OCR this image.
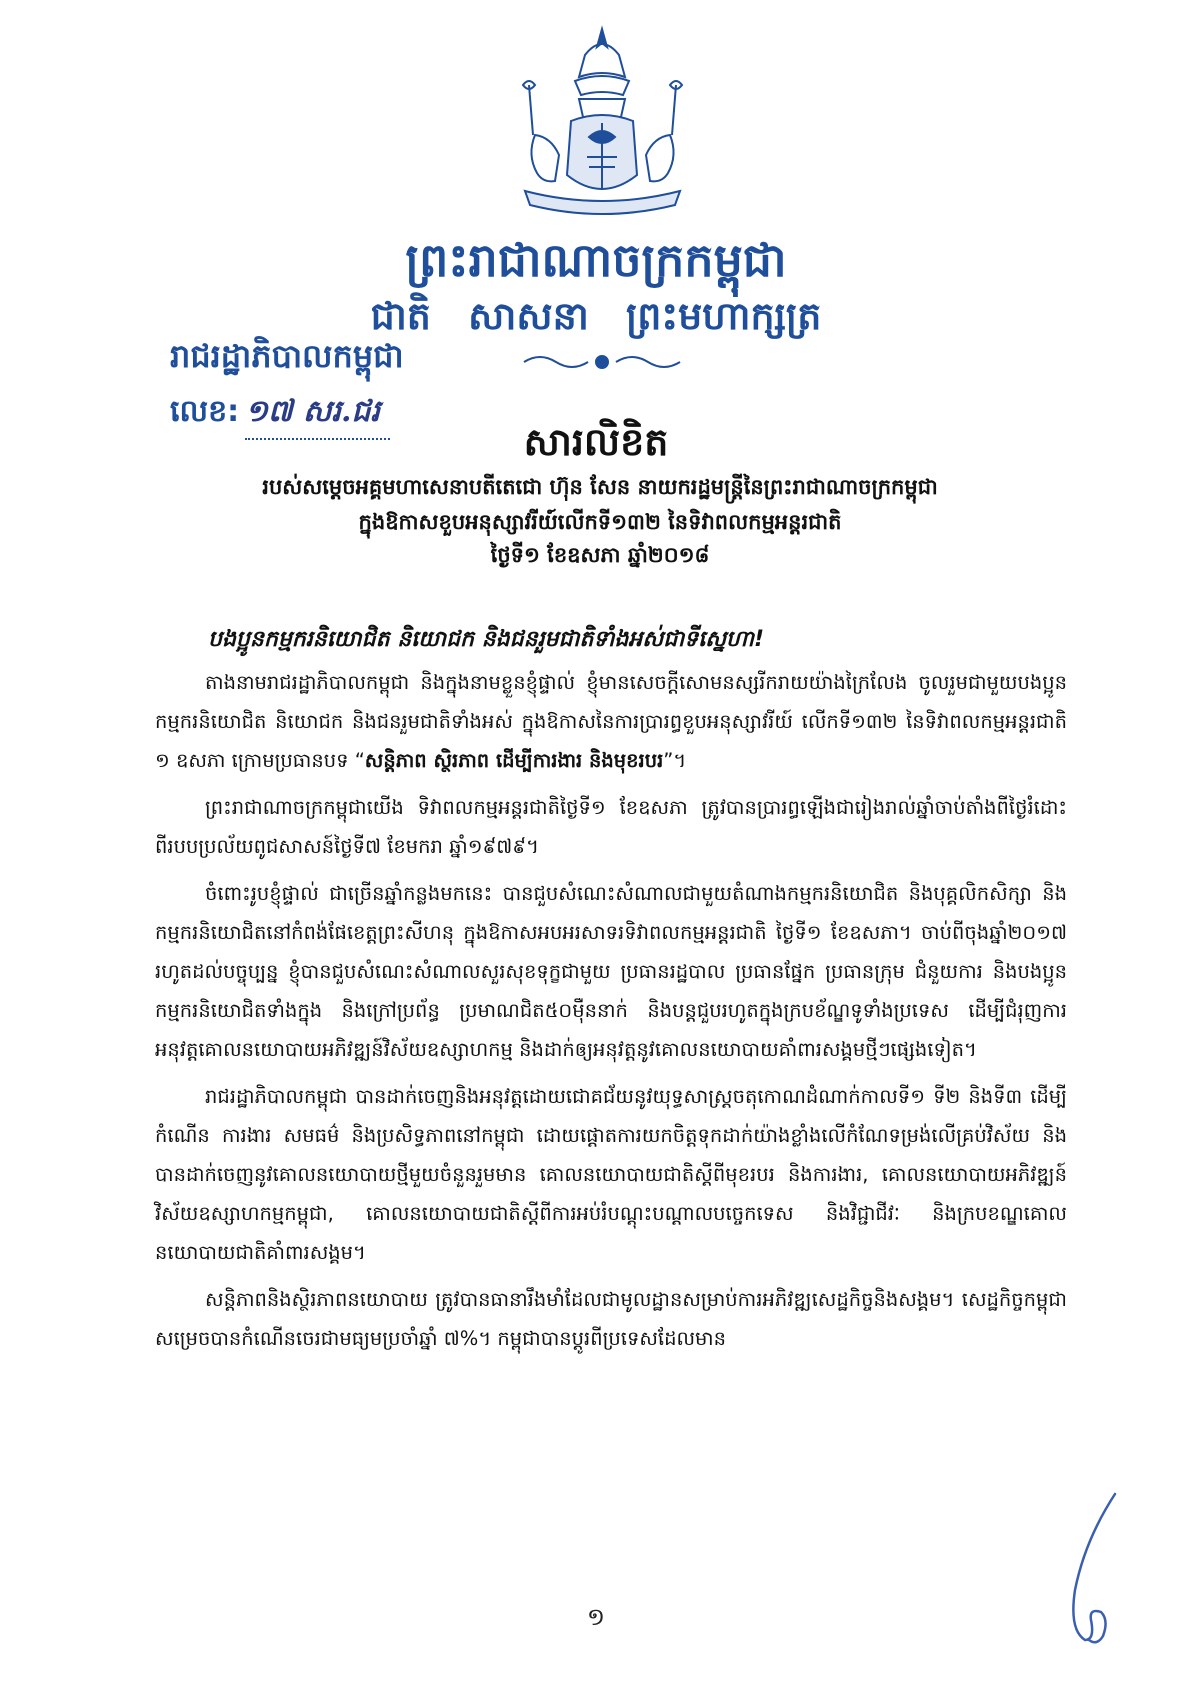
ព្រះរាជាណាចក្រកម្ពុជា
ជាតិ សាសនា ព្រះមហាក្សត្រ
រាជរដ្ឋាភិបាលកម្ពុជា
លេខ: ១៧ សរ.ជរ
សារលិខិត
របស់សម្តេចអគ្គមហាសេនាបតីតេជោ ហ៊ុន សែន នាយករដ្ឋមន្ត្រីនៃព្រះរាជាណាចក្រកម្ពុជា
ក្នុងឱកាសខួបអនុស្សាវរីយ៍លើកទី១៣២ នៃទិវាពលកម្មអន្តរជាតិ
ថ្ងៃទី១ ខែឧសភា ឆ្នាំ២០១៨
បងប្អូនកម្មករនិយោជិត និយោជក និងជនរួមជាតិទាំងអស់ជាទីស្នេហា!

តាងនាមរាជរដ្ឋាភិបាលកម្ពុជា និងក្នុងនាមខ្លួនខ្ញុំផ្ទាល់ ខ្ញុំមានសេចក្តីសោមនស្សរីករាយយ៉ាងក្រៃលែង ចូលរួមជាមួយបងប្អូនកម្មករនិយោជិត និយោជក និងជនរួមជាតិទាំងអស់ ក្នុងឱកាសនៃការប្រារព្ធខួបអនុស្សាវរីយ៍ លើកទី១៣២ នៃទិវាពលកម្មអន្តរជាតិ ១ ឧសភា ក្រោមប្រធានបទ “សន្តិភាព ស្ថិរភាព ដើម្បីការងារ និងមុខរបរ”។

ព្រះរាជាណាចក្រកម្ពុជាយើង ទិវាពលកម្មអន្តរជាតិថ្ងៃទី១ ខែឧសភា ត្រូវបានប្រារព្ធឡើងជារៀងរាល់ឆ្នាំចាប់តាំងពីថ្ងៃរំដោះពីរបបប្រល័យពូជសាសន៍ថ្ងៃទី៧ ខែមករា ឆ្នាំ១៩៧៩។

ចំពោះរូបខ្ញុំផ្ទាល់ ជាច្រើនឆ្នាំកន្លងមកនេះ បានជួបសំណេះសំណាលជាមួយតំណាងកម្មករនិយោជិត និងបុគ្គលិកសិក្សា និងកម្មករនិយោជិតនៅកំពង់ផែខេត្តព្រះសីហនុ ក្នុងឱកាសអបអរសាទរទិវាពលកម្មអន្តរជាតិ ថ្ងៃទី១ ខែឧសភា។ ចាប់ពីចុងឆ្នាំ២០១៧ រហូតដល់បច្ចុប្បន្ន ខ្ញុំបានជួបសំណេះសំណាលសួរសុខទុក្ខជាមួយ ប្រធានរដ្ឋបាល ប្រធានផ្នែក ប្រធានក្រុម ជំនួយការ និងបងប្អូនកម្មករនិយោជិតទាំងក្នុង និងក្រៅប្រព័ន្ធ ប្រមាណជិត៥០ម៉ឺននាក់ និងបន្តជួបរហូតក្នុងក្របខ័ណ្ឌទូទាំងប្រទេស ដើម្បីជំរុញការអនុវត្តគោលនយោបាយអភិវឌ្ឍន៍វិស័យឧស្សាហកម្ម និងដាក់ឲ្យអនុវត្តនូវគោលនយោបាយគាំពារសង្គមថ្មីៗផ្សេងទៀត។

រាជរដ្ឋាភិបាលកម្ពុជា បានដាក់ចេញនិងអនុវត្តដោយជោគជ័យនូវយុទ្ធសាស្ត្រចតុកោណដំណាក់កាលទី១ ទី២ និងទី៣ ដើម្បីកំណើន ការងារ សមធម៌ និងប្រសិទ្ធភាពនៅកម្ពុជា ដោយផ្តោតការយកចិត្តទុកដាក់យ៉ាងខ្លាំងលើកំណែទម្រង់លើគ្រប់វិស័យ និងបានដាក់ចេញនូវគោលនយោបាយថ្មីមួយចំនួនរួមមាន គោលនយោបាយជាតិស្តីពីមុខរបរ និងការងារ, គោលនយោបាយអភិវឌ្ឍន៍វិស័យឧស្សាហកម្មកម្ពុជា, គោលនយោបាយជាតិស្តីពីការអប់រំបណ្តុះបណ្តាលបច្ចេកទេស និងវិជ្ជាជីវៈ និងក្របខណ្ឌគោលនយោបាយជាតិគាំពារសង្គម។

សន្តិភាពនិងស្ថិរភាពនយោបាយ ត្រូវបានធានារឹងមាំដែលជាមូលដ្ឋានសម្រាប់ការអភិវឌ្ឍសេដ្ឋកិច្ចនិងសង្គម។ សេដ្ឋកិច្ចកម្ពុជាសម្រេចបានកំណើនចេរជាមធ្យមប្រចាំឆ្នាំ ៧%។ កម្ពុជាបានប្តូរពីប្រទេសដែលមាន

១
